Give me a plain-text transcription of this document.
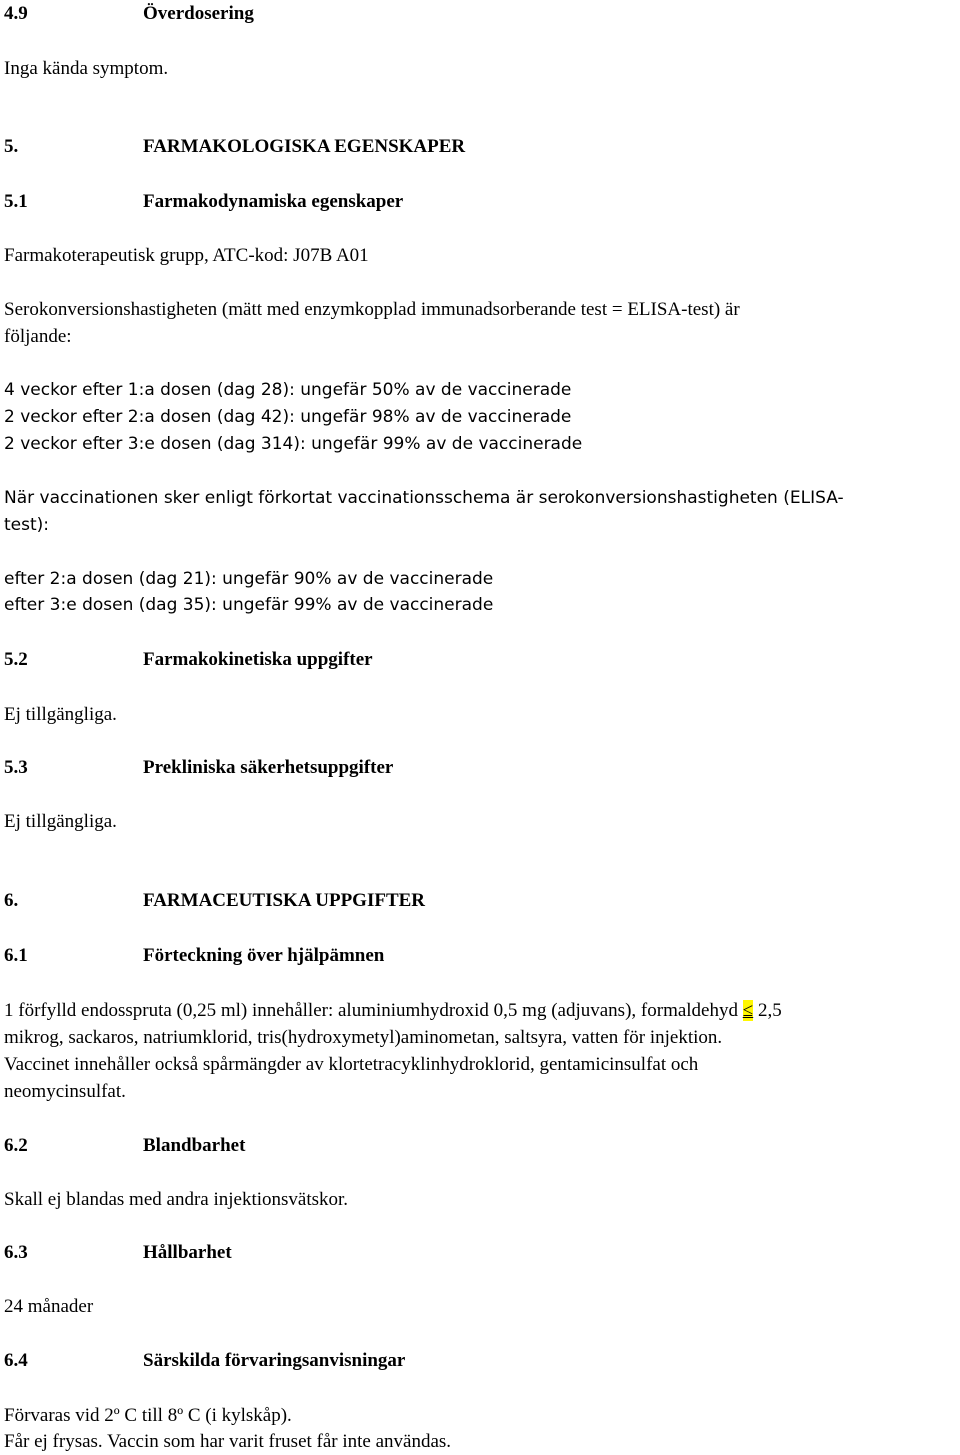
4.9	Överdosering
Inga kända symptom.
5.	FARMAKOLOGISKA EGENSKAPER
5.1	Farmakodynamiska egenskaper
Farmakoterapeutisk grupp, ATC-kod: J07B A01
Serokonversionshastigheten (mätt med enzymkopplad immunadsorberande test = ELISA-test) är
följande:
4 veckor efter 1:a dosen (dag 28): ungefär 50% av de vaccinerade
2 veckor efter 2:a dosen (dag 42): ungefär 98% av de vaccinerade
2 veckor efter 3:e dosen (dag 314): ungefär 99% av de vaccinerade
När vaccinationen sker enligt förkortat vaccinationsschema är serokonversionshastigheten (ELISA-
test):
efter 2:a dosen (dag 21): ungefär 90% av de vaccinerade
efter 3:e dosen (dag 35): ungefär 99% av de vaccinerade
5.2	Farmakokinetiska uppgifter
Ej tillgängliga.
5.3	Prekliniska säkerhetsuppgifter
Ej tillgängliga.
6.	FARMACEUTISKA UPPGIFTER
6.1	Förteckning över hjälpämnen
1 förfylld endosspruta (0,25 ml) innehåller: aluminiumhydroxid 0,5 mg (adjuvans), formaldehyd ≤ 2,5
mikrog, sackaros, natriumklorid, tris(hydroxymetyl)aminometan, saltsyra, vatten för injektion.
Vaccinet innehåller också spårmängder av klortetracyklinhydroklorid, gentamicinsulfat och
neomycinsulfat.
6.2	Blandbarhet
Skall ej blandas med andra injektionsvätskor.
6.3	Hållbarhet
24 månader
6.4	Särskilda förvaringsanvisningar
Förvaras vid 2º C till 8º C (i kylskåp).
Får ej frysas. Vaccin som har varit fruset får inte användas.
